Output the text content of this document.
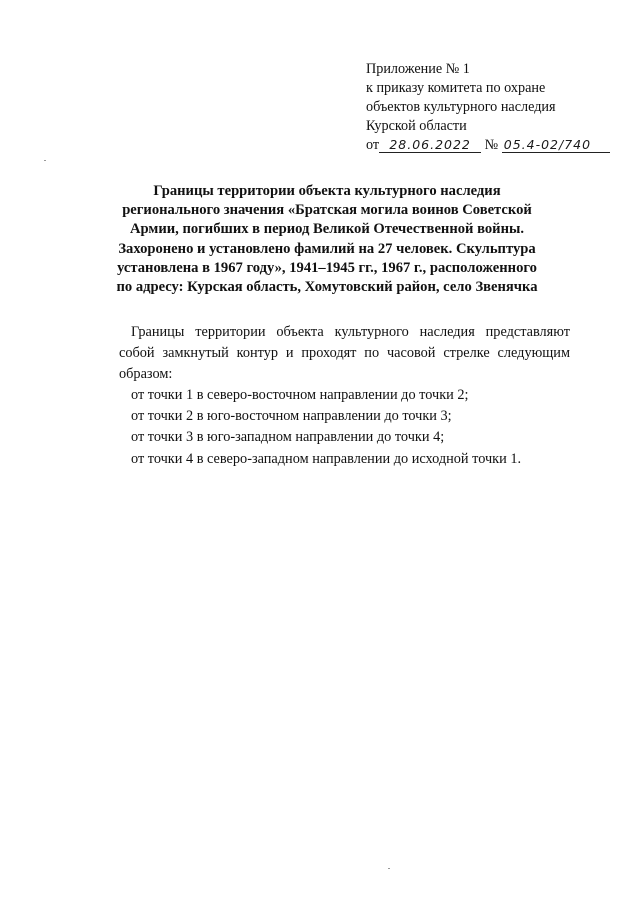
Приложение № 1
к приказу комитета по охране
объектов культурного наследия
Курской области
от 28.06.2022 № 05.4-02/740
Границы территории объекта культурного наследия
регионального значения «Братская могила воинов Советской
Армии, погибших в период Великой Отечественной войны.
Захоронено и установлено фамилий на 27 человек. Скульптура
установлена в 1967 году», 1941–1945 гг., 1967 г., расположенного
по адресу: Курская область, Хомутовский район, село Звенячка
Границы территории объекта культурного наследия представляют
собой замкнутый контур и проходят по часовой стрелке следующим
образом:
от точки 1 в северо-восточном направлении до точки 2;
от точки 2 в юго-восточном направлении до точки 3;
от точки 3 в юго-западном направлении до точки 4;
от точки 4 в северо-западном направлении до исходной точки 1.
